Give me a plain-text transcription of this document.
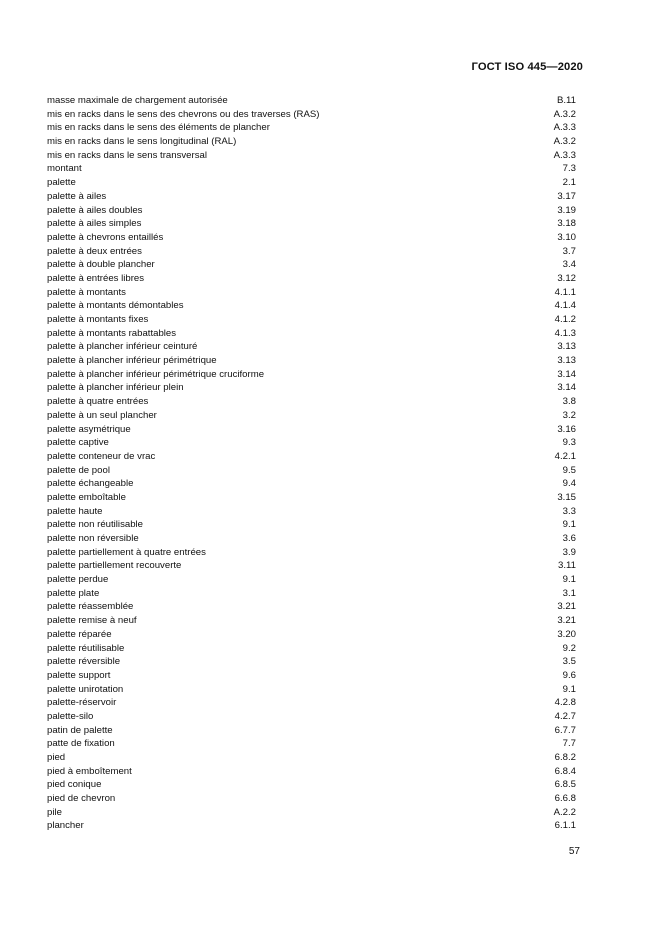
ГОСТ ISO 445—2020
masse maximale de chargement autorisée	B.11
mis en racks dans le sens des chevrons ou des traverses (RAS)	A.3.2
mis en racks dans le sens des éléments de plancher	A.3.3
mis en racks dans le sens longitudinal (RAL)	A.3.2
mis en racks dans le sens transversal	A.3.3
montant	7.3
palette	2.1
palette à ailes	3.17
palette à ailes doubles	3.19
palette à ailes simples	3.18
palette à chevrons entaillés	3.10
palette à deux entrées	3.7
palette à double plancher	3.4
palette à entrées libres	3.12
palette à montants	4.1.1
palette à montants démontables	4.1.4
palette à montants fixes	4.1.2
palette à montants rabattables	4.1.3
palette à plancher inférieur ceinturé	3.13
palette à plancher inférieur périmétrique	3.13
palette à plancher inférieur périmétrique cruciforme	3.14
palette à plancher inférieur plein	3.14
palette à quatre entrées	3.8
palette à un seul plancher	3.2
palette asymétrique	3.16
palette captive	9.3
palette conteneur de vrac	4.2.1
palette de pool	9.5
palette échangeable	9.4
palette emboîtable	3.15
palette haute	3.3
palette non réutilisable	9.1
palette non réversible	3.6
palette partiellement à quatre entrées	3.9
palette partiellement recouverte	3.11
palette perdue	9.1
palette plate	3.1
palette réassemblée	3.21
palette remise à neuf	3.21
palette réparée	3.20
palette réutilisable	9.2
palette réversible	3.5
palette support	9.6
palette unirotation	9.1
palette-réservoir	4.2.8
palette-silo	4.2.7
patin de palette	6.7.7
patte de fixation	7.7
pied	6.8.2
pied à emboîtement	6.8.4
pied conique	6.8.5
pied de chevron	6.6.8
pile	A.2.2
plancher	6.1.1
57
